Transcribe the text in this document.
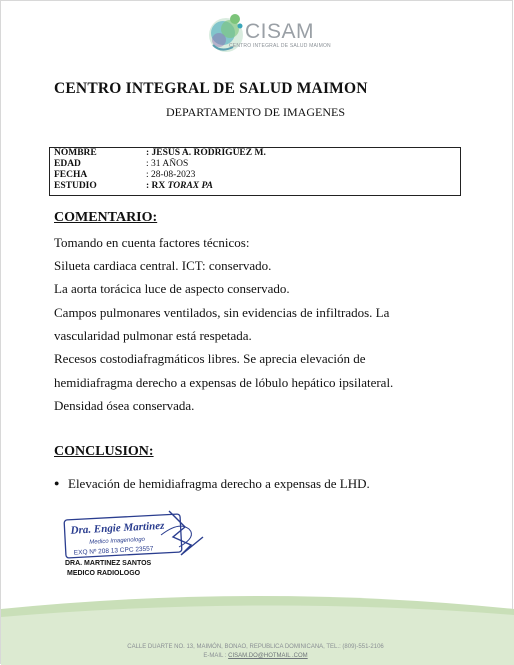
CISAM
CENTRO INTEGRAL DE SALUD MAIMON
CENTRO INTEGRAL DE SALUD MAIMON
DEPARTAMENTO DE IMAGENES
NOMBRE	: JESUS A. RODRIGUEZ M.
EDAD	: 31 AÑOS
FECHA	: 28-08-2023
ESTUDIO	: RX TORAX PA
COMENTARIO:
Tomando en cuenta factores técnicos:
Silueta cardiaca central. ICT: conservado.
La aorta torácica luce de aspecto conservado.
Campos pulmonares ventilados, sin evidencias de infiltrados. La
vascularidad pulmonar está respetada.
Recesos costodiafragmáticos libres. Se aprecia elevación de
hemidiafragma derecho a expensas de lóbulo hepático ipsilateral.
Densidad ósea conservada.
CONCLUSION:
● Elevación de hemidiafragma derecho a expensas de LHD.
Dra. Engie Martinez
Medico Imagenologo
EXQ Nº 208 13 CPC 23557
DRA. MARTINEZ SANTOS
MEDICO RADIOLOGO
CALLE DUARTE NO. 13, MAIMÓN, BONAO, REPUBLICA DOMINICANA, TEL.: (809)-551-2106
E-MAIL : CISAM.DO@HOTMAIL .COM
